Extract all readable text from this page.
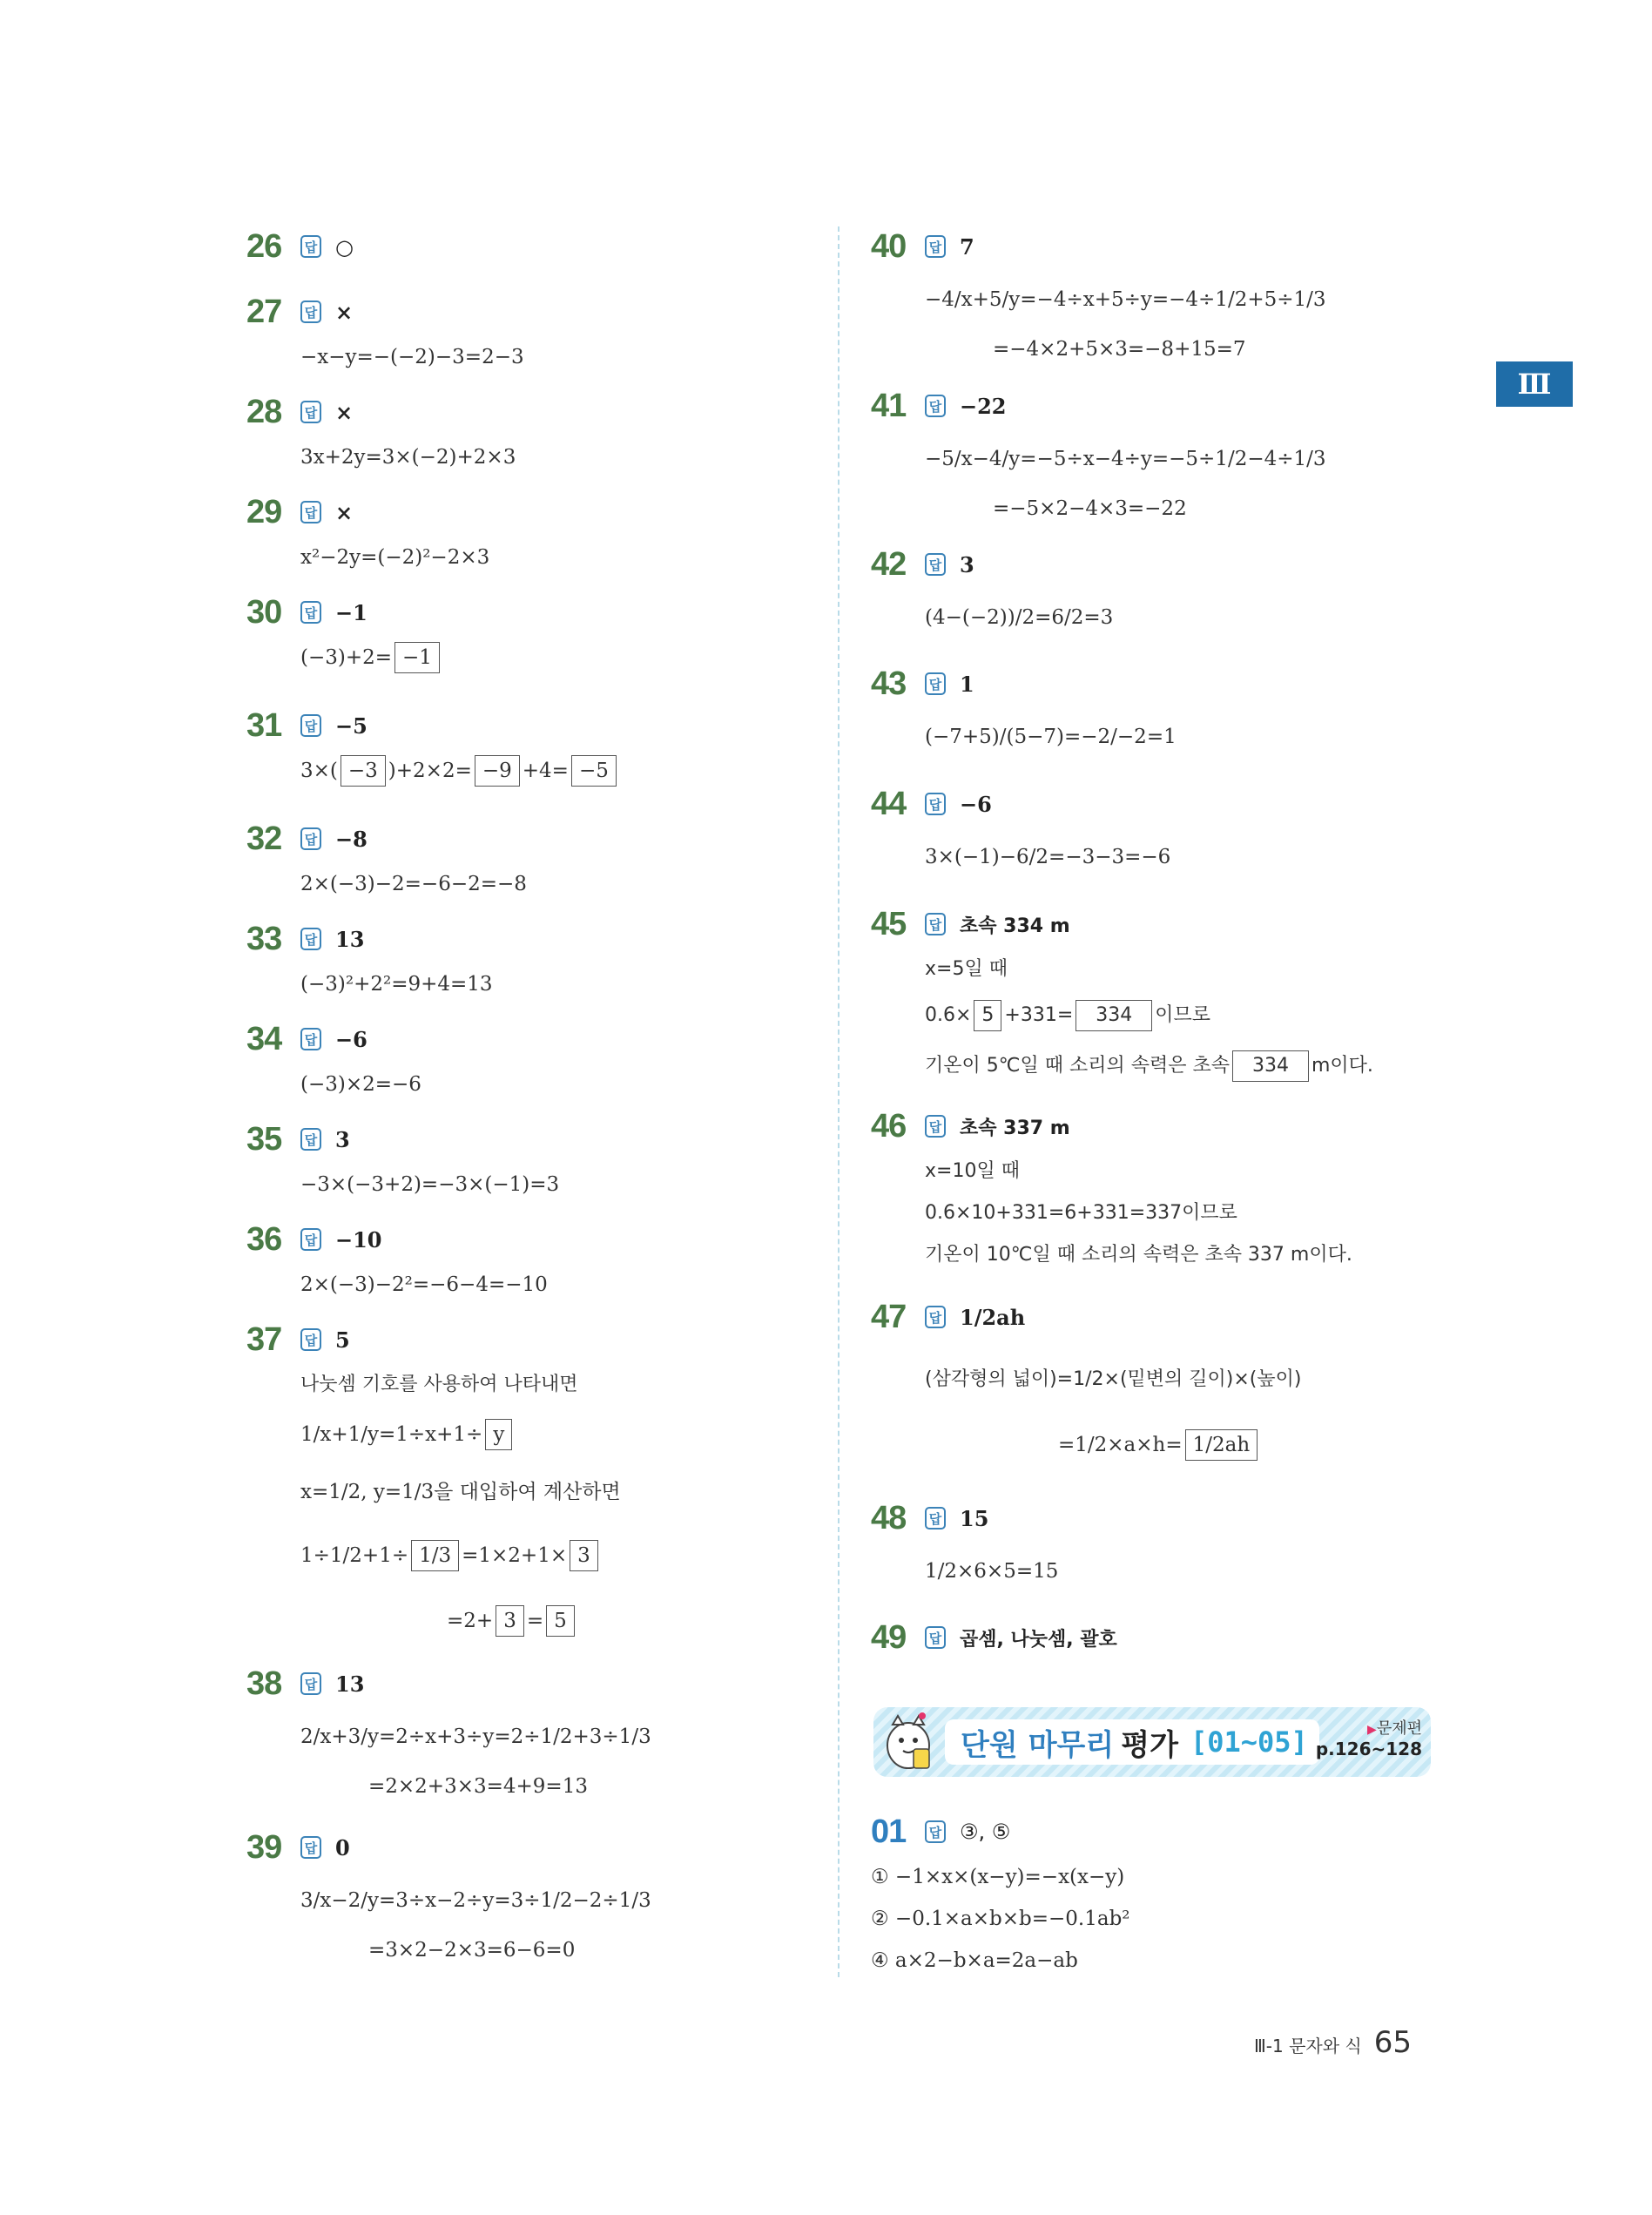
Ⅲ
26	답 ○
27	답 ×
−x−y=−(−2)−3=2−3
28	답 ×
3x+2y=3×(−2)+2×3
29	답 ×
x²−2y=(−2)²−2×3
30	답 −1
(−3)+2= −1
31	답 −5
3×( −3 )+2×2= −9 +4= −5
32	답 −8
2×(−3)−2=−6−2=−8
33	답 13
(−3)²+2²=9+4=13
34	답 −6
(−3)×2=−6
35	답 3
−3×(−3+2)=−3×(−1)=3
36	답 −10
2×(−3)−2²=−6−4=−10
37	답 5
나눗셈 기호를 사용하여 나타내면
1/x+1/y=1÷x+1÷ y
x=1/2, y=1/3을 대입하여 계산하면
1÷1/2+1÷ 1/3 =1×2+1× 3
=2+ 3 = 5
38	답 13
2/x+3/y=2÷x+3÷y=2÷1/2+3÷1/3
=2×2+3×3=4+9=13
39	답 0
3/x−2/y=3÷x−2÷y=3÷1/2−2÷1/3
=3×2−2×3=6−6=0
40	답 7
−4/x+5/y=−4÷x+5÷y=−4÷1/2+5÷1/3
=−4×2+5×3=−8+15=7
41	답 −22
−5/x−4/y=−5÷x−4÷y=−5÷1/2−4÷1/3
=−5×2−4×3=−22
42	답 3
(4−(−2))/2=6/2=3
43	답 1
(−7+5)/(5−7)=−2/−2=1
44	답 −6
3×(−1)−6/2=−3−3=−6
45	답 초속 334 m
x=5일 때
0.6× 5 +331= 334 이므로
기온이 5℃일 때 소리의 속력은 초속 334 m이다.
46	답 초속 337 m
x=10일 때
0.6×10+331=6+331=337이므로
기온이 10℃일 때 소리의 속력은 초속 337 m이다.
47	답 1/2ah
(삼각형의 넓이)=1/2×(밑변의 길이)×(높이)
=1/2×a×h= 1/2ah
48	답 15
1/2×6×5=15
49	답 곱셈, 나눗셈, 괄호
01	답 ③, ⑤
① −1×x×(x−y)=−x(x−y)
② −0.1×a×b×b=−0.1ab²
④ a×2−b×a=2a−ab
단원 마무리 평가 [01~05]	▶문제편
p.126~128
Ⅲ-1 문자와 식 65
